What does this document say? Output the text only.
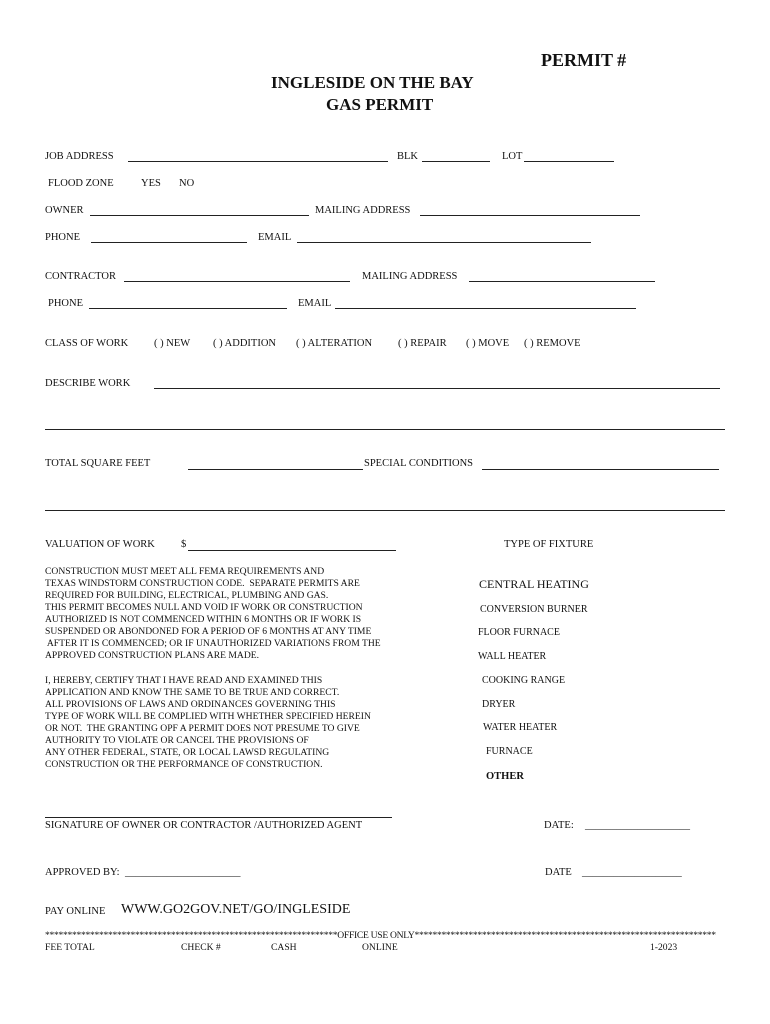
PERMIT #
INGLESIDE ON THE BAY
GAS PERMIT
JOB ADDRESS	BLK	LOT
FLOOD ZONE	YES NO
OWNER	MAILING ADDRESS
PHONE	EMAIL
CONTRACTOR	MAILING ADDRESS
PHONE	EMAIL
CLASS OF WORK ( ) NEW ( ) ADDITION ( ) ALTERATION ( ) REPAIR ( ) MOVE ( ) REMOVE
DESCRIBE WORK
TOTAL SQUARE FEET	SPECIAL CONDITIONS
VALUATION OF WORK $	TYPE OF FIXTURE
CONSTRUCTION MUST MEET ALL FEMA REQUIREMENTS AND
TEXAS WINDSTORM CONSTRUCTION CODE.  SEPARATE PERMITS ARE
REQUIRED FOR BUILDING, ELECTRICAL, PLUMBING AND GAS.
THIS PERMIT BECOMES NULL AND VOID IF WORK OR CONSTRUCTION
AUTHORIZED IS NOT COMMENCED WITHIN 6 MONTHS OR IF WORK IS
SUSPENDED OR ABONDONED FOR A PERIOD OF 6 MONTHS AT ANY TIME
AFTER IT IS COMMENCED; OR IF UNAUTHORIZED VARIATIONS FROM THE
APPROVED CONSTRUCTION PLANS ARE MADE.
I, HEREBY, CERTIFY THAT I HAVE READ AND EXAMINED THIS
APPLICATION AND KNOW THE SAME TO BE TRUE AND CORRECT.
ALL PROVISIONS OF LAWS AND ORDINANCES GOVERNING THIS
TYPE OF WORK WILL BE COMPLIED WITH WHETHER SPECIFIED HEREIN
OR NOT.  THE GRANTING OPF A PERMIT DOES NOT PRESUME TO GIVE
AUTHORITY TO VIOLATE OR CANCEL THE PROVISIONS OF
ANY OTHER FEDERAL, STATE, OR LOCAL LAWSD REGULATING
CONSTRUCTION OR THE PERFORMANCE OF CONSTRUCTION.
CENTRAL HEATING
CONVERSION BURNER
FLOOR FURNACE
WALL HEATER
COOKING RANGE
DRYER
WATER HEATER
FURNACE
OTHER
SIGNATURE OF OWNER OR CONTRACTOR /AUTHORIZED AGENT	DATE: ____________________
APPROVED BY: ______________________	DATE ___________________
PAY ONLINE WWW.GO2GOV.NET/GO/INGLESIDE
*****************************************************************OFFICE USE ONLY*******************************************************************
FEE TOTAL	CHECK #	CASH	ONLINE	1-2023
